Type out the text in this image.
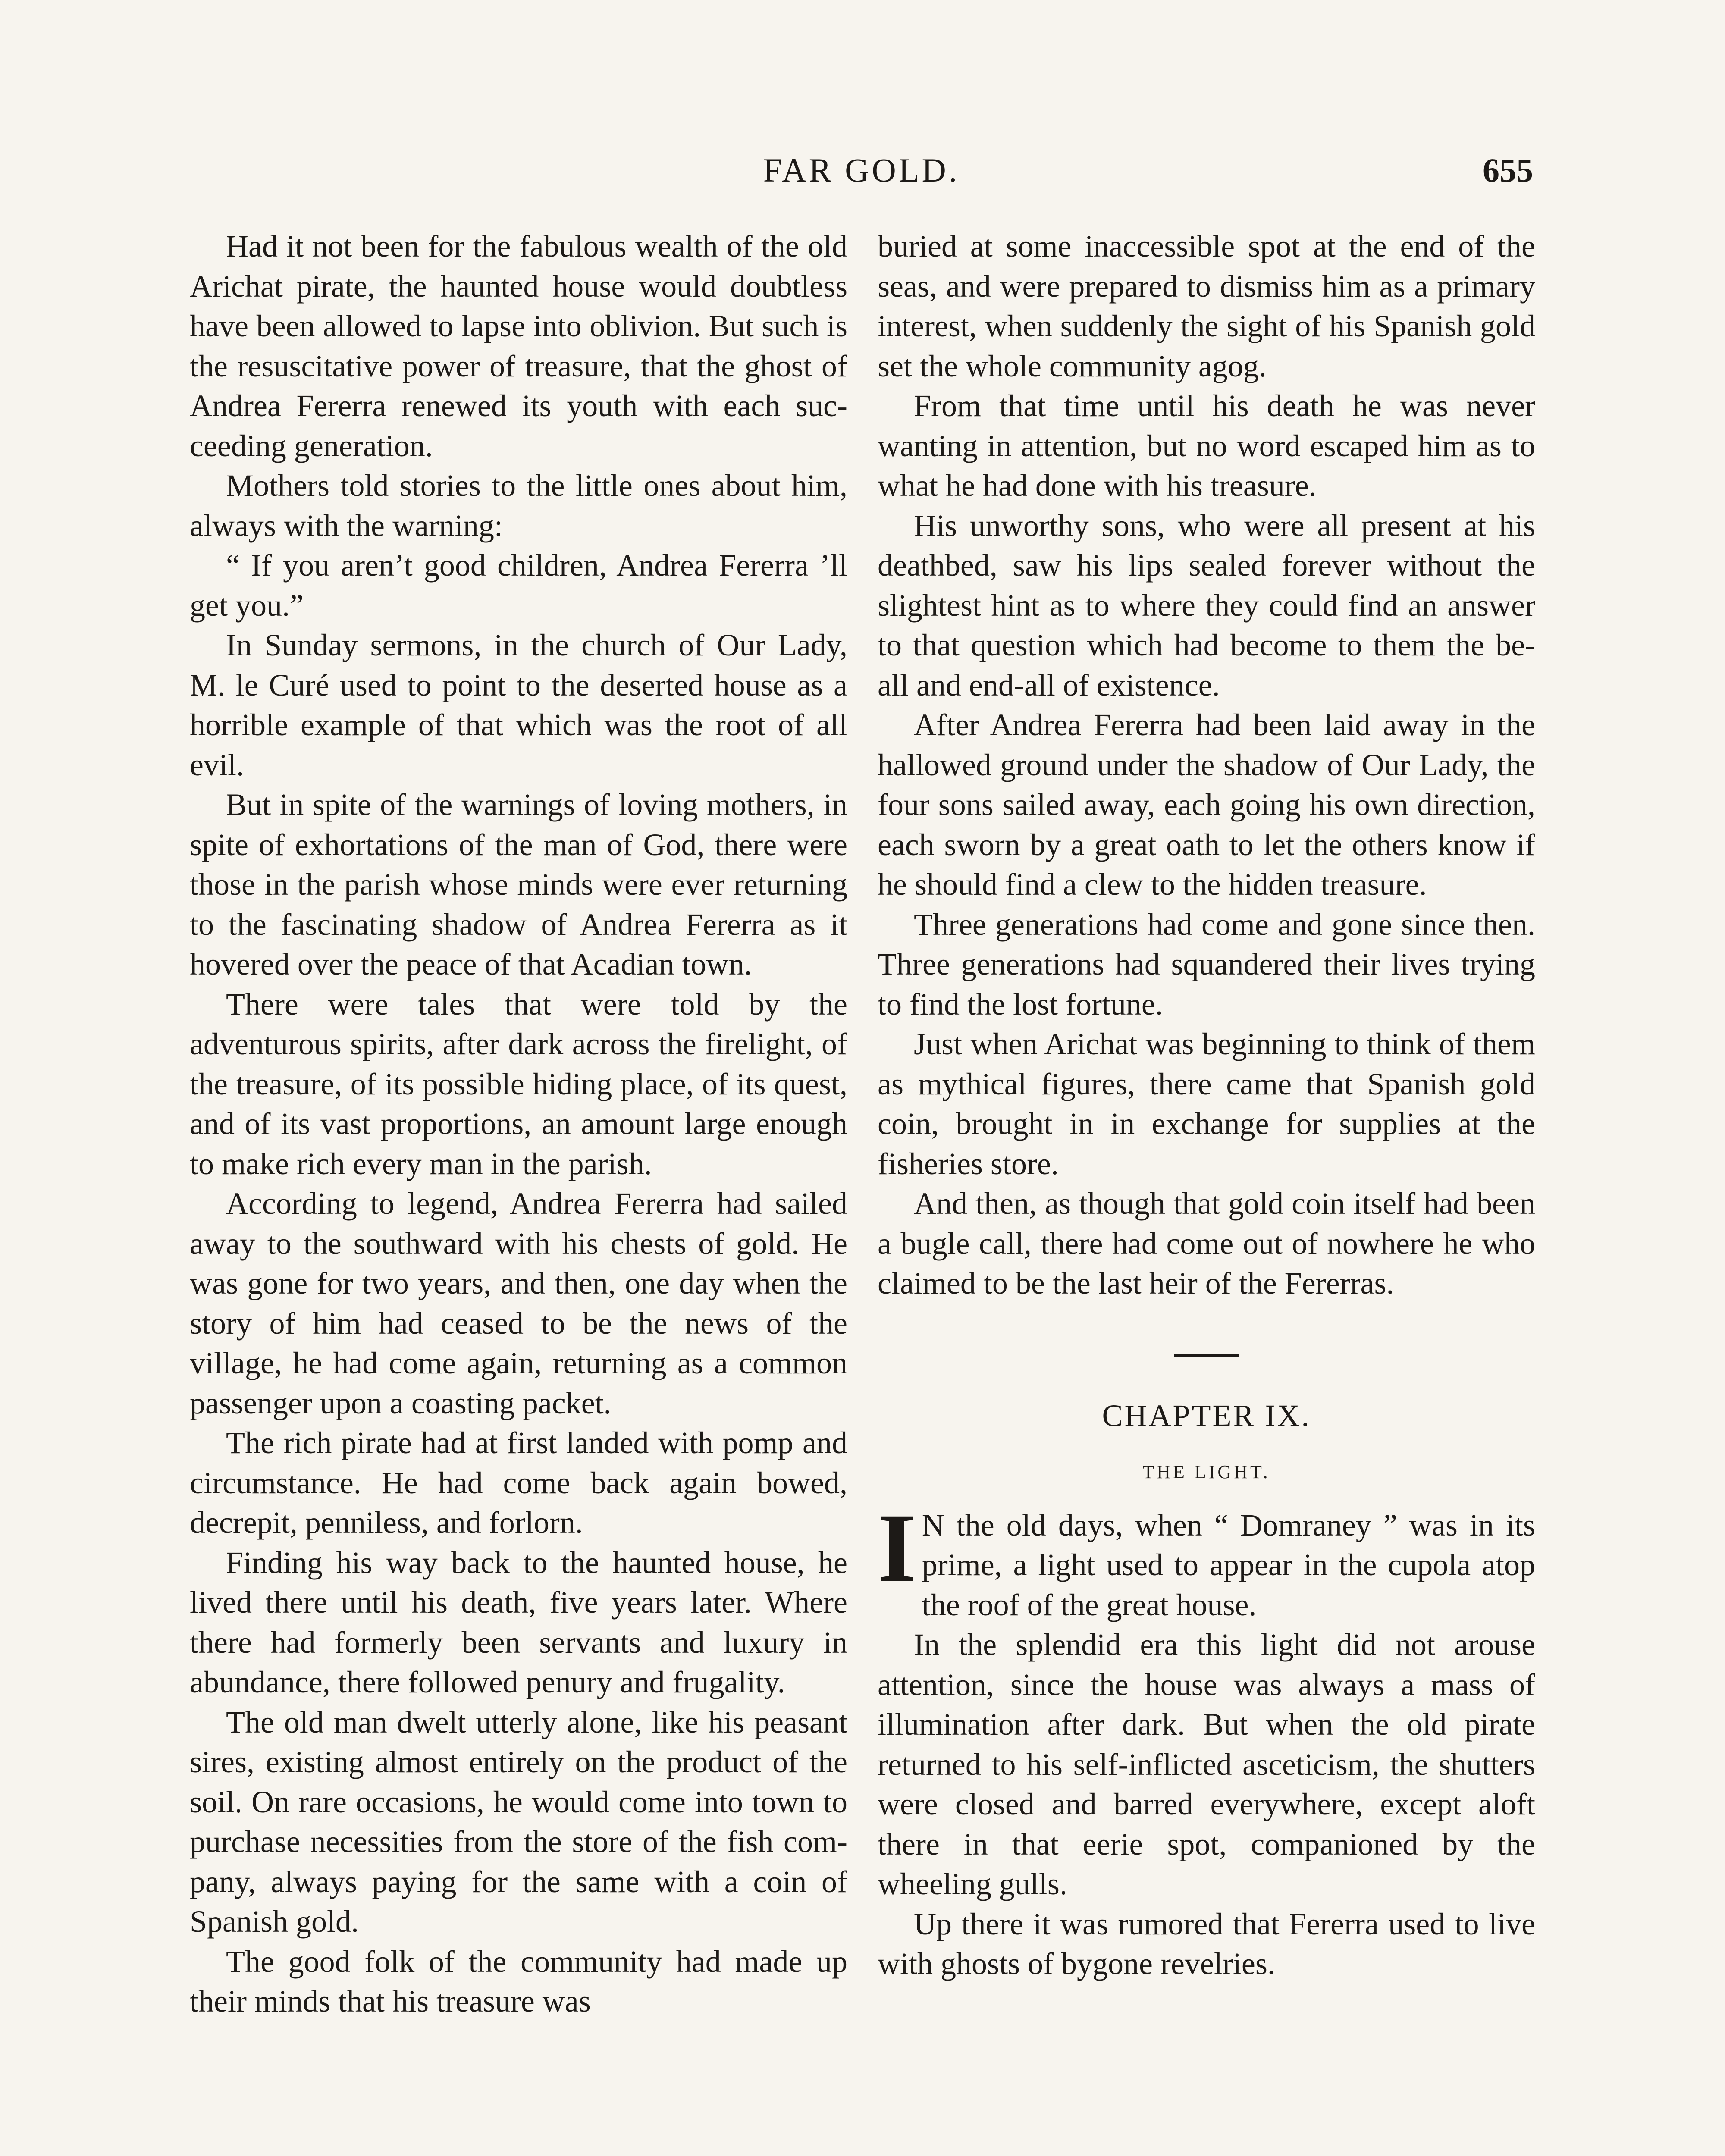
FAR GOLD.	655

Had it not been for the fabulous wealth of the old Arichat pirate, the haunted house would doubtless have been allowed to lapse into oblivion. But such is the resuscitative power of treasure, that the ghost of Andrea Fererra renewed its youth with each succeeding generation.

Mothers told stories to the little ones about him, always with the warning:

“ If you aren’t good children, Andrea Fererra ’ll get you.”

In Sunday sermons, in the church of Our Lady, M. le Curé used to point to the deserted house as a horrible example of that which was the root of all evil.

But in spite of the warnings of loving mothers, in spite of exhortations of the man of God, there were those in the parish whose minds were ever returning to the fascinating shadow of Andrea Fererra as it hovered over the peace of that Acadian town.

There were tales that were told by the adventurous spirits, after dark across the firelight, of the treasure, of its possible hiding place, of its quest, and of its vast proportions, an amount large enough to make rich every man in the parish.

According to legend, Andrea Fererra had sailed away to the southward with his chests of gold. He was gone for two years, and then, one day when the story of him had ceased to be the news of the village, he had come again, returning as a common passenger upon a coasting packet.

The rich pirate had at first landed with pomp and circumstance. He had come back again bowed, decrepit, penniless, and forlorn.

Finding his way back to the haunted house, he lived there until his death, five years later. Where there had formerly been servants and luxury in abundance, there followed penury and frugality.

The old man dwelt utterly alone, like his peasant sires, existing almost entirely on the product of the soil. On rare occasions, he would come into town to purchase necessities from the store of the fish company, always paying for the same with a coin of Spanish gold.

The good folk of the community had made up their minds that his treasure was

buried at some inaccessible spot at the end of the seas, and were prepared to dismiss him as a primary interest, when suddenly the sight of his Spanish gold set the whole community agog.

From that time until his death he was never wanting in attention, but no word escaped him as to what he had done with his treasure.

His unworthy sons, who were all present at his deathbed, saw his lips sealed forever without the slightest hint as to where they could find an answer to that question which had become to them the be-all and end-all of existence.

After Andrea Fererra had been laid away in the hallowed ground under the shadow of Our Lady, the four sons sailed away, each going his own direction, each sworn by a great oath to let the others know if he should find a clew to the hidden treasure.

Three generations had come and gone since then. Three generations had squandered their lives trying to find the lost fortune.

Just when Arichat was beginning to think of them as mythical figures, there came that Spanish gold coin, brought in in exchange for supplies at the fisheries store.

And then, as though that gold coin itself had been a bugle call, there had come out of nowhere he who claimed to be the last heir of the Fererras.

CHAPTER IX.
THE LIGHT.

I N the old days, when “ Domraney ” was in its prime, a light used to appear in the cupola atop the roof of the great house.

In the splendid era this light did not arouse attention, since the house was always a mass of illumination after dark. But when the old pirate returned to his self-inflicted asceticism, the shutters were closed and barred everywhere, except aloft there in that eerie spot, companioned by the wheeling gulls.

Up there it was rumored that Fererra used to live with ghosts of bygone revelries.
